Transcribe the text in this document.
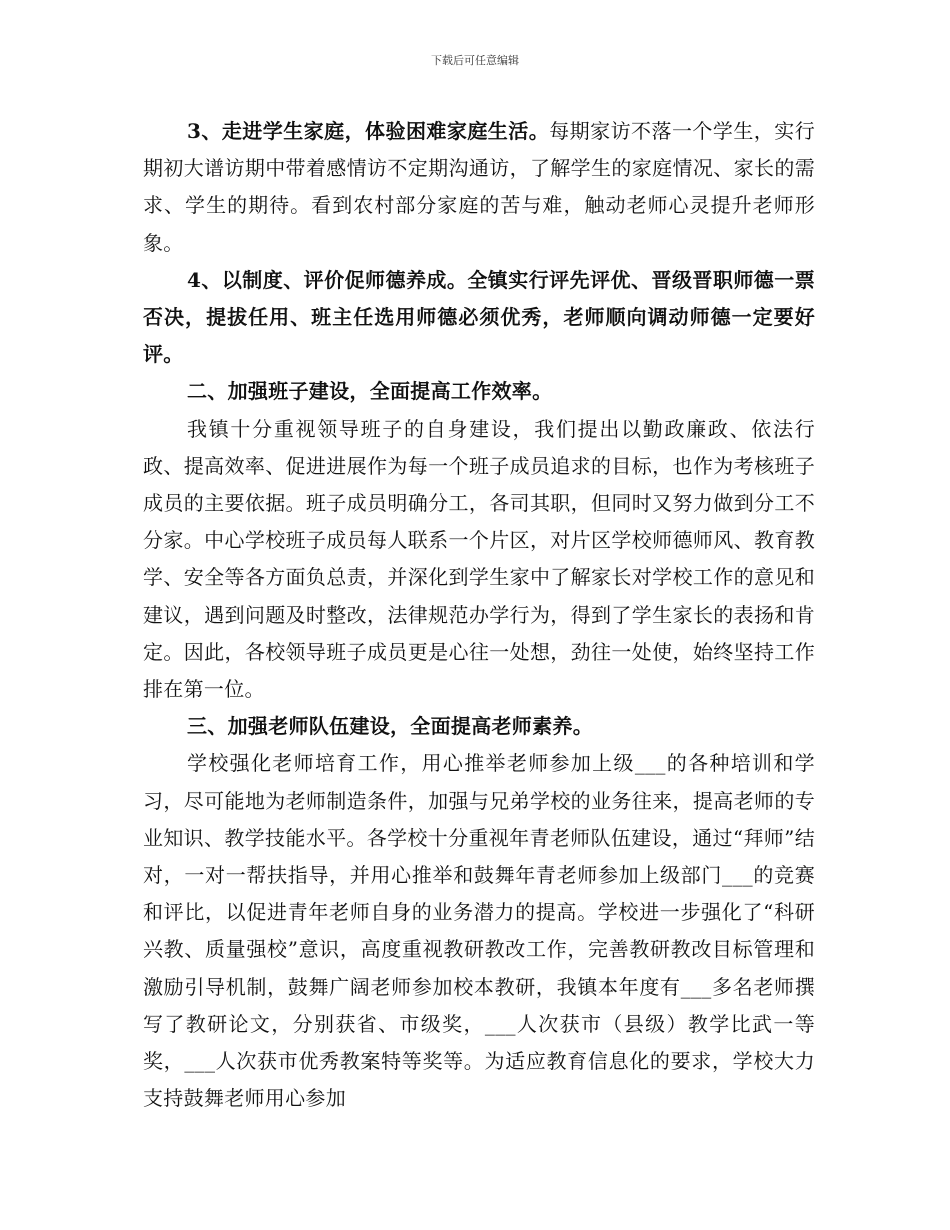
下载后可任意编辑

3、走进学生家庭，体验困难家庭生活。每期家访不落一个学生，实行期初大谱访期中带着感情访不定期沟通访，了解学生的家庭情况、家长的需求、学生的期待。看到农村部分家庭的苦与难，触动老师心灵提升老师形象。

4、以制度、评价促师德养成。全镇实行评先评优、晋级晋职师德一票否决，提拔任用、班主任选用师德必须优秀，老师顺向调动师德一定要好评。

二、加强班子建设，全面提高工作效率。

我镇十分重视领导班子的自身建设，我们提出以勤政廉政、依法行政、提高效率、促进进展作为每一个班子成员追求的目标，也作为考核班子成员的主要依据。班子成员明确分工，各司其职，但同时又努力做到分工不分家。中心学校班子成员每人联系一个片区，对片区学校师德师风、教育教学、安全等各方面负总责，并深化到学生家中了解家长对学校工作的意见和建议，遇到问题及时整改，法律规范办学行为，得到了学生家长的表扬和肯定。因此，各校领导班子成员更是心往一处想，劲往一处使，始终坚持工作排在第一位。

三、加强老师队伍建设，全面提高老师素养。

学校强化老师培育工作，用心推举老师参加上级___的各种培训和学习，尽可能地为老师制造条件，加强与兄弟学校的业务往来，提高老师的专业知识、教学技能水平。各学校十分重视年青老师队伍建设，通过“拜师”结对，一对一帮扶指导，并用心推举和鼓舞年青老师参加上级部门___的竞赛和评比，以促进青年老师自身的业务潜力的提高。学校进一步强化了“科研兴教、质量强校”意识，高度重视教研教改工作，完善教研教改目标管理和激励引导机制，鼓舞广阔老师参加校本教研，我镇本年度有___多名老师撰写了教研论文，分别获省、市级奖，___人次获市（县级）教学比武一等奖，___人次获市优秀教案特等奖等。为适应教育信息化的要求，学校大力支持鼓舞老师用心参加
